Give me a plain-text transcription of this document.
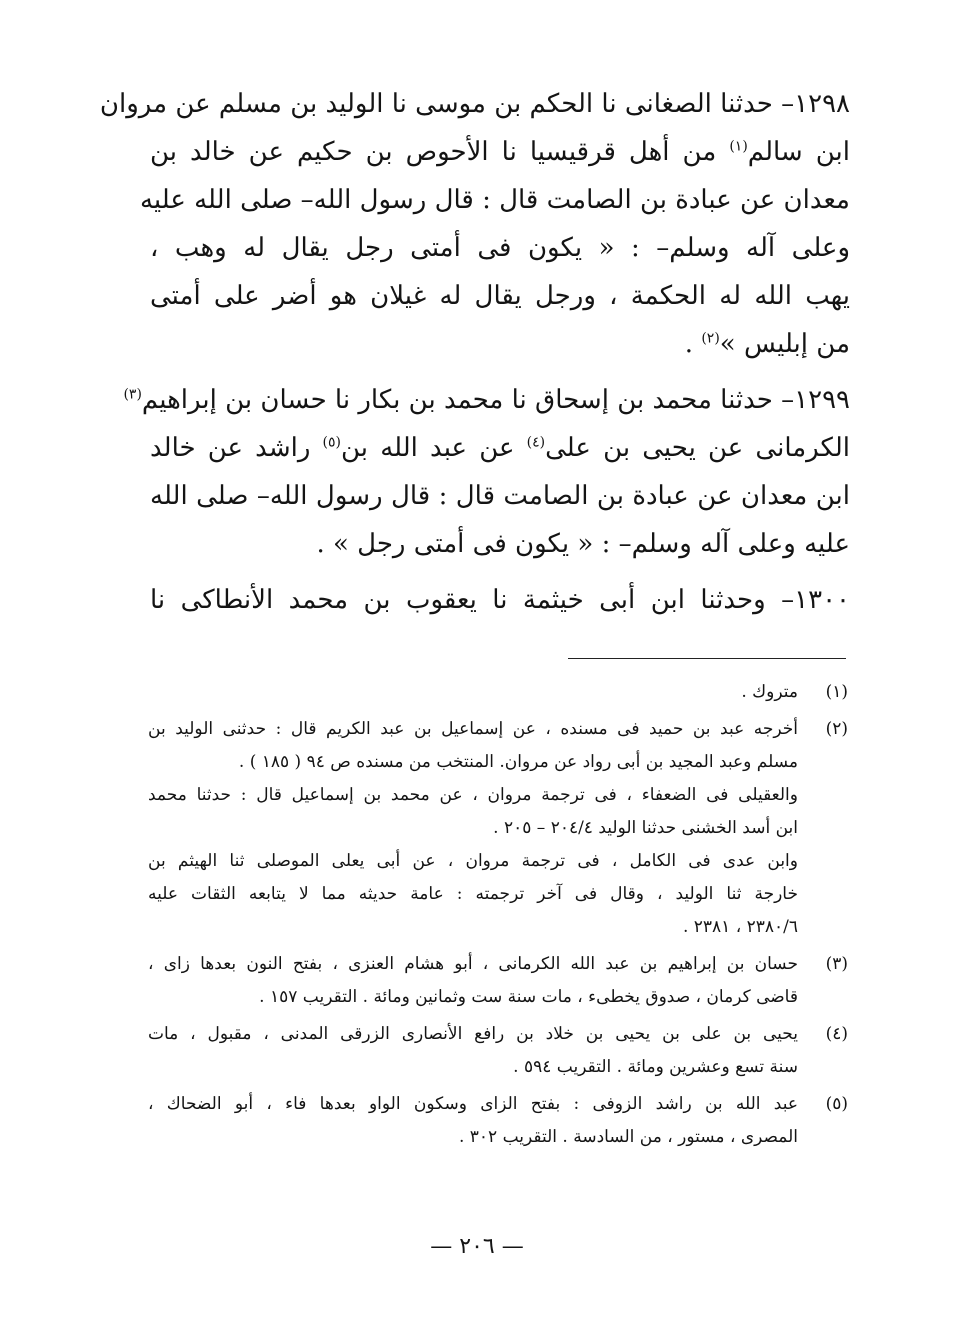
١٢٩٨– حدثنا الصغانى نا الحكم بن موسى نا الوليد بن مسلم عن مروان
ابن سالم$^{(١)}$ من أهل قرقيسيا نا الأحوص بن حكيم عن خالد بن
معدان عن عبادة بن الصامت قال : قال رسول الله– صلى الله عليه
وعلى آله وسلم– : « يكون فى أمتى رجل يقال له وهب ،
يهب الله له الحكمة ، ورجل يقال له غيلان هو أضر على أمتى
من إبليس »$^{(٢)}$ .
١٢٩٩– حدثنا محمد بن إسحاق نا محمد بن بكار نا حسان بن إبراهيم$^{(٣)}$
الكرمانى عن يحيى بن على$^{(٤)}$ عن عبد الله بن$^{(٥)}$ راشد عن خالد
ابن معدان عن عبادة بن الصامت قال : قال رسول الله– صلى الله
عليه وعلى آله وسلم– : « يكون فى أمتى رجل » .
١٣٠٠– وحدثنا ابن أبى خيثمة نا يعقوب بن محمد الأنطاكى نا
(١)
متروك .
(٢)
أخرجه عبد بن حميد فى مسنده ، عن إسماعيل بن عبد الكريم قال : حدثنى الوليد بن
مسلم وعبد المجيد بن أبى رواد عن مروان. المنتخب من مسنده ص ٩٤ ( ١٨٥ ) .
والعقيلى فى الضعفاء ، فى ترجمة مروان ، عن محمد بن إسماعيل قال : حدثنا محمد
ابن أسد الخشنى حدثنا الوليد ٢٠٤/٤ – ٢٠٥ .
وابن عدى فى الكامل ، فى ترجمة مروان ، عن أبى يعلى الموصلى ثنا الهيثم بن
خارجة ثنا الوليد ، وقال فى آخر ترجمته : عامة حديثه مما لا يتابعه الثقات عليه
٢٣٨٠/٦ ، ٢٣٨١ .
(٣)
حسان بن إبراهيم بن عبد الله الكرمانى ، أبو هشام العنزى ، بفتح النون بعدها زاى ،
قاضى كرمان ، صدوق يخطىء ، مات سنة ست وثمانين ومائة . التقريب ١٥٧ .
(٤)
يحيى بن على بن يحيى بن خلاد بن رافع الأنصارى الزرقى المدنى ، مقبول ، مات
سنة تسع وعشرين ومائة . التقريب ٥٩٤ .
(٥)
عبد الله بن راشد الزوفى : بفتح الزاى وسكون الواو بعدها فاء ، أبو الضحاك ،
المصرى ، مستور ، من السادسة . التقريب ٣٠٢ .
— ٢٠٦ —
